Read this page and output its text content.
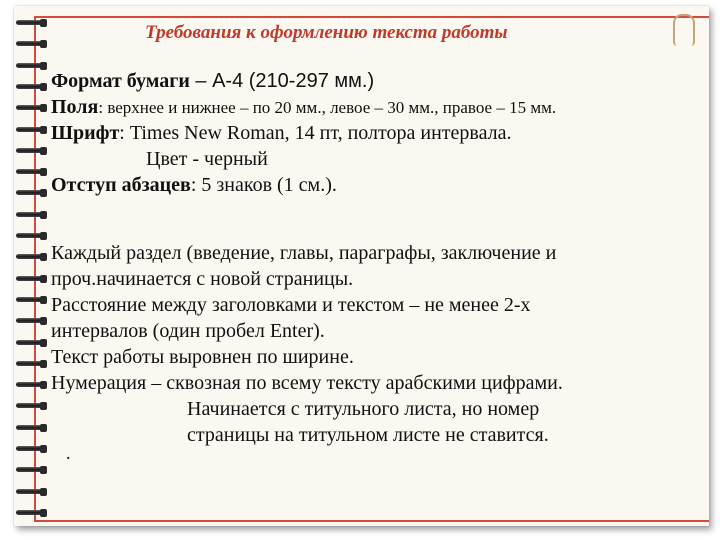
Требования к оформлению текста работы
Формат бумаги – А-4 (210-297 мм.)
Поля: верхнее и нижнее – по 20 мм., левое – 30 мм., правое – 15 мм.
Шрифт: Times New Roman, 14 пт, полтора интервала.
Цвет - черный
Отступ абзацев: 5 знаков (1 см.).
Каждый раздел (введение, главы, параграфы, заключение и
проч.начинается с новой страницы.
Расстояние между заголовками и текстом – не менее 2-х
интервалов (один пробел Enter).
Текст работы выровнен по ширине.
Нумерация – сквозная по всему тексту арабскими цифрами.
Начинается с титульного листа, но номер
страницы на титульном листе не ставится.
.
